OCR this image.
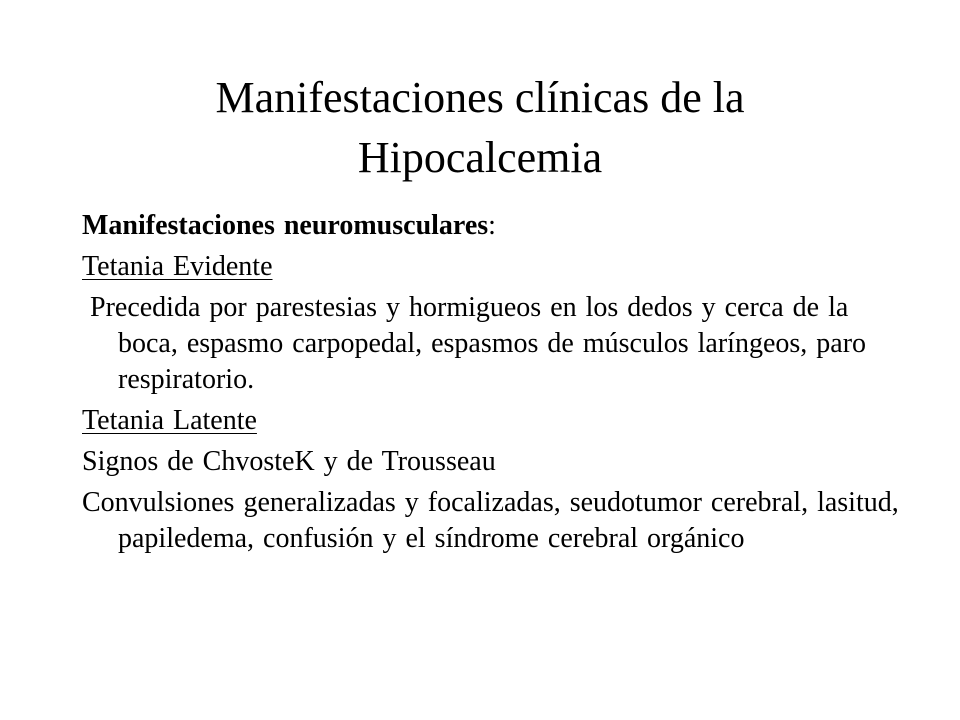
Manifestaciones clínicas de la
Hipocalcemia

Manifestaciones neuromusculares:

Tetania Evidente

Precedida por parestesias y hormigueos en los dedos y cerca de la boca, espasmo carpopedal, espasmos de músculos laríngeos, paro respiratorio.

Tetania Latente

Signos de ChvosteK y de Trousseau

Convulsiones generalizadas y focalizadas, seudotumor cerebral, lasitud, papiledema, confusión y el síndrome cerebral orgánico
